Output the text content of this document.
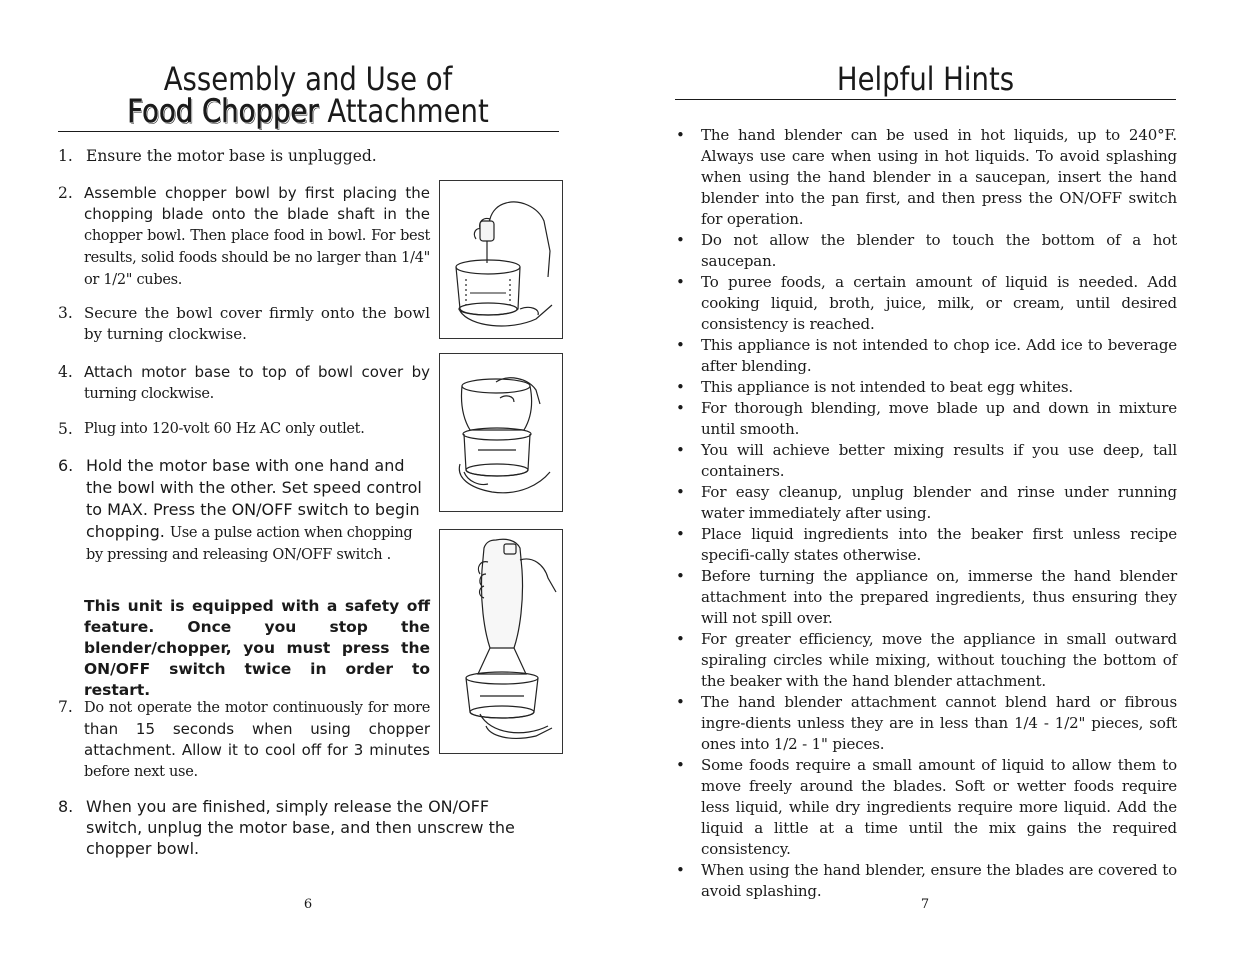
Assembly and Use of
Food Chopper Attachment
1. Ensure the motor base is unplugged.
2. Assemble chopper bowl by first placing the chopping blade onto the blade shaft in the chopper bowl. Then place food in bowl. For best results, solid foods should be no larger than 1/4" or 1/2" cubes.
3. Secure the bowl cover firmly onto the bowl by turning clockwise.
4. Attach motor base to top of bowl cover by turning clockwise.
5. Plug into 120-volt 60 Hz AC only outlet.
6. Hold the motor base with one hand and the bowl with the other. Set speed control to MAX. Press the ON/OFF switch to begin chopping. Use a pulse action when chopping by pressing and releasing ON/OFF switch .
This unit is equipped with a safety off feature. Once you stop the blender/chopper, you must press the ON/OFF switch twice in order to restart.
7. Do not operate the motor continuously for more than 15 seconds when using chopper attachment. Allow it to cool off for 3 minutes before next use.
8. When you are finished, simply release the ON/OFF switch, unplug the motor base, and then unscrew the chopper bowl.
6
Helpful Hints
• The hand blender can be used in hot liquids, up to 240°F. Always use care when using in hot liquids. To avoid splashing when using the hand blender in a saucepan, insert the hand blender into the pan first, and then press the ON/OFF switch for operation.
• Do not allow the blender to touch the bottom of a hot saucepan.
• To puree foods, a certain amount of liquid is needed. Add cooking liquid, broth, juice, milk, or cream, until desired consistency is reached.
• This appliance is not intended to chop ice. Add ice to beverage after blending.
• This appliance is not intended to beat egg whites.
• For thorough blending, move blade up and down in mixture until smooth.
• You will achieve better mixing results if you use deep, tall containers.
• For easy cleanup, unplug blender and rinse under running water immediately after using.
• Place liquid ingredients into the beaker first unless recipe specifi-cally states otherwise.
• Before turning the appliance on, immerse the hand blender attachment into the prepared ingredients, thus ensuring they will not spill over.
• For greater efficiency, move the appliance in small outward spiraling circles while mixing, without touching the bottom of the beaker with the hand blender attachment.
• The hand blender attachment cannot blend hard or fibrous ingre-dients unless they are in less than 1/4 - 1/2" pieces, soft ones into 1/2 - 1" pieces.
• Some foods require a small amount of liquid to allow them to move freely around the blades. Soft or wetter foods require less liquid, while dry ingredients require more liquid. Add the liquid a little at a time until the mix gains the required consistency.
• When using the hand blender, ensure the blades are covered to avoid splashing.
7
